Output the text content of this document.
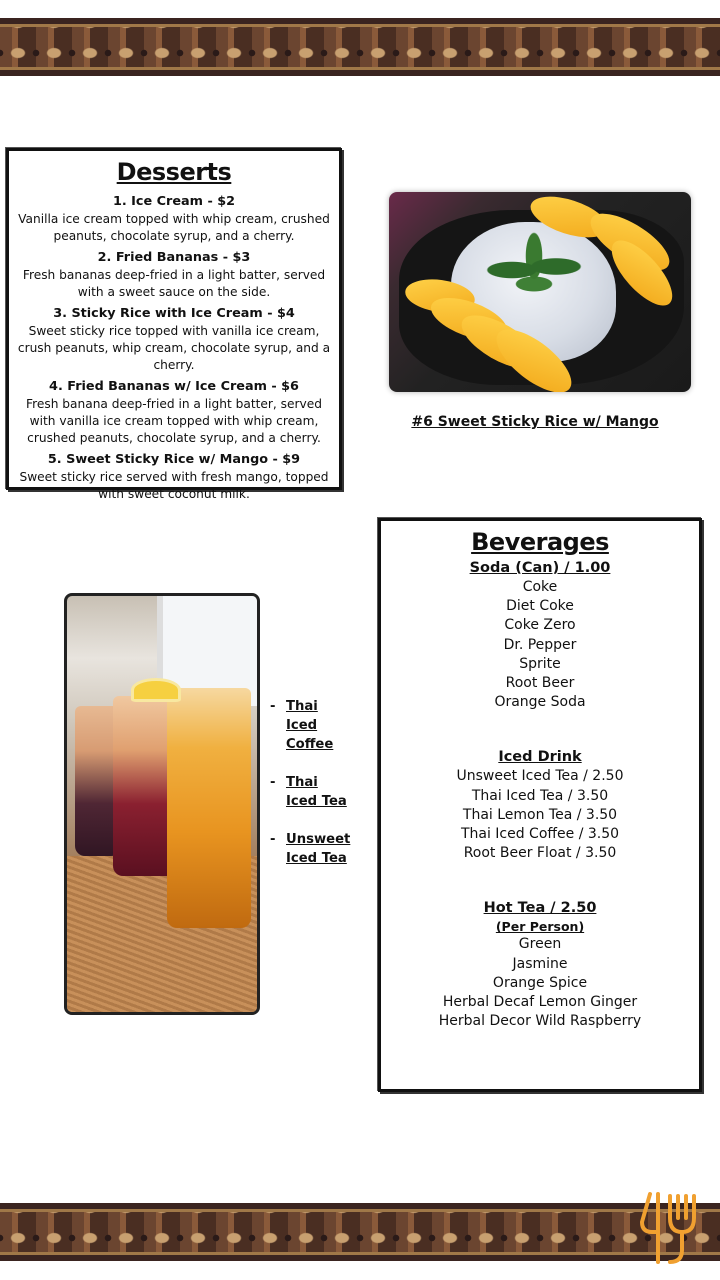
Desserts
1. Ice Cream - $2
Vanilla ice cream topped with whip cream, crushed peanuts, chocolate syrup, and a cherry.
2. Fried Bananas - $3
Fresh bananas deep-fried in a light batter, served with a sweet sauce on the side.
3. Sticky Rice with Ice Cream - $4
Sweet sticky rice topped with vanilla ice cream, crush peanuts, whip cream, chocolate syrup, and a cherry.
4. Fried Bananas w/ Ice Cream - $6
Fresh banana deep-fried in a light batter, served with vanilla ice cream topped with whip cream, crushed peanuts, chocolate syrup, and a cherry.
5. Sweet Sticky Rice w/ Mango - $9
Sweet sticky rice served with fresh mango, topped with sweet coconut milk.
#6 Sweet Sticky Rice w/ Mango
- Thai Iced Coffee
- Thai Iced Tea
- Unsweet Iced Tea
Beverages
Soda (Can) / 1.00
Coke
Diet Coke
Coke Zero
Dr. Pepper
Sprite
Root Beer
Orange Soda
Iced Drink
Unsweet Iced Tea / 2.50
Thai Iced Tea / 3.50
Thai Lemon Tea / 3.50
Thai Iced Coffee / 3.50
Root Beer Float / 3.50
Hot Tea / 2.50
(Per Person)
Green
Jasmine
Orange Spice
Herbal Decaf Lemon Ginger
Herbal Decor Wild Raspberry
